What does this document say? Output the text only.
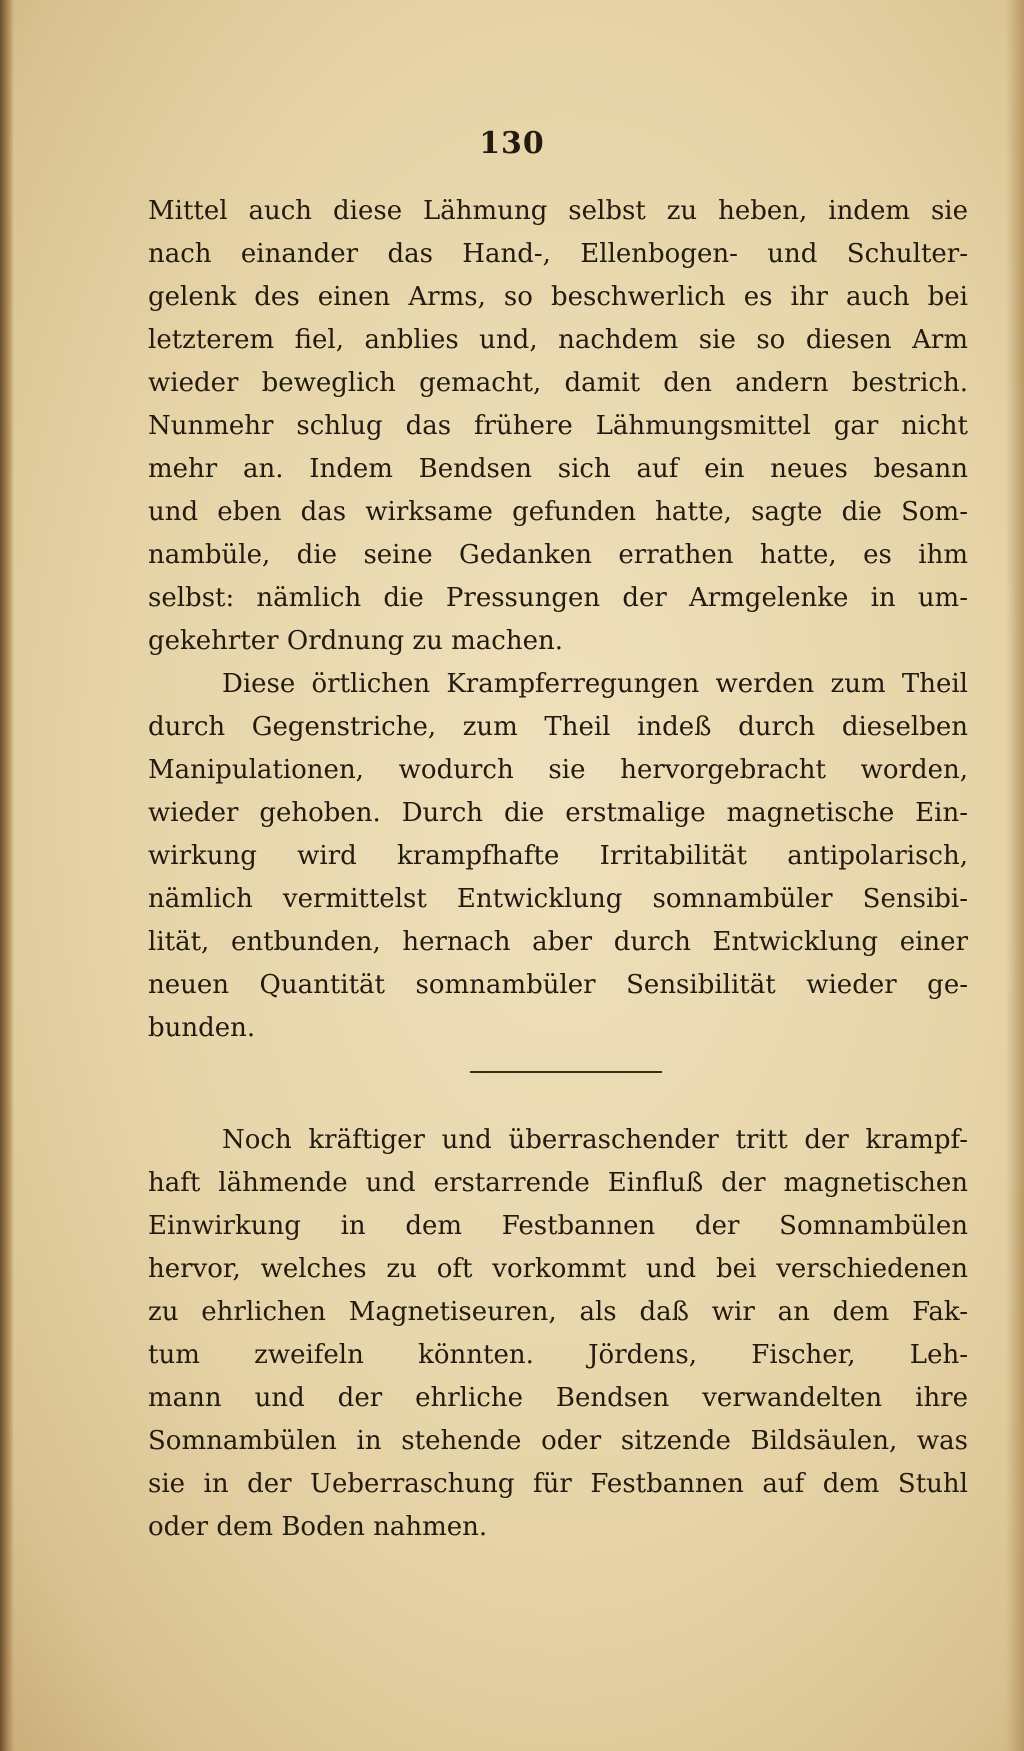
130
Mittel auch diese Lähmung selbst zu heben, indem sie
nach einander das Hand-, Ellenbogen- und Schulter-
gelenk des einen Arms, so beschwerlich es ihr auch bei
letzterem fiel, anblies und, nachdem sie so diesen Arm
wieder beweglich gemacht, damit den andern bestrich.
Nunmehr schlug das frühere Lähmungsmittel gar nicht
mehr an. Indem Bendsen sich auf ein neues besann
und eben das wirksame gefunden hatte, sagte die Som-
nambüle, die seine Gedanken errathen hatte, es ihm
selbst: nämlich die Pressungen der Armgelenke in um-
gekehrter Ordnung zu machen.
Diese örtlichen Krampferregungen werden zum Theil
durch Gegenstriche, zum Theil indeß durch dieselben
Manipulationen, wodurch sie hervorgebracht worden,
wieder gehoben. Durch die erstmalige magnetische Ein-
wirkung wird krampfhafte Irritabilität antipolarisch,
nämlich vermittelst Entwicklung somnambüler Sensibi-
lität, entbunden, hernach aber durch Entwicklung einer
neuen Quantität somnambüler Sensibilität wieder ge-
bunden.
Noch kräftiger und überraschender tritt der krampf-
haft lähmende und erstarrende Einfluß der magnetischen
Einwirkung in dem Festbannen der Somnambülen
hervor, welches zu oft vorkommt und bei verschiedenen
zu ehrlichen Magnetiseuren, als daß wir an dem Fak-
tum zweifeln könnten. Jördens, Fischer, Leh-
mann und der ehrliche Bendsen verwandelten ihre
Somnambülen in stehende oder sitzende Bildsäulen, was
sie in der Ueberraschung für Festbannen auf dem Stuhl
oder dem Boden nahmen.
